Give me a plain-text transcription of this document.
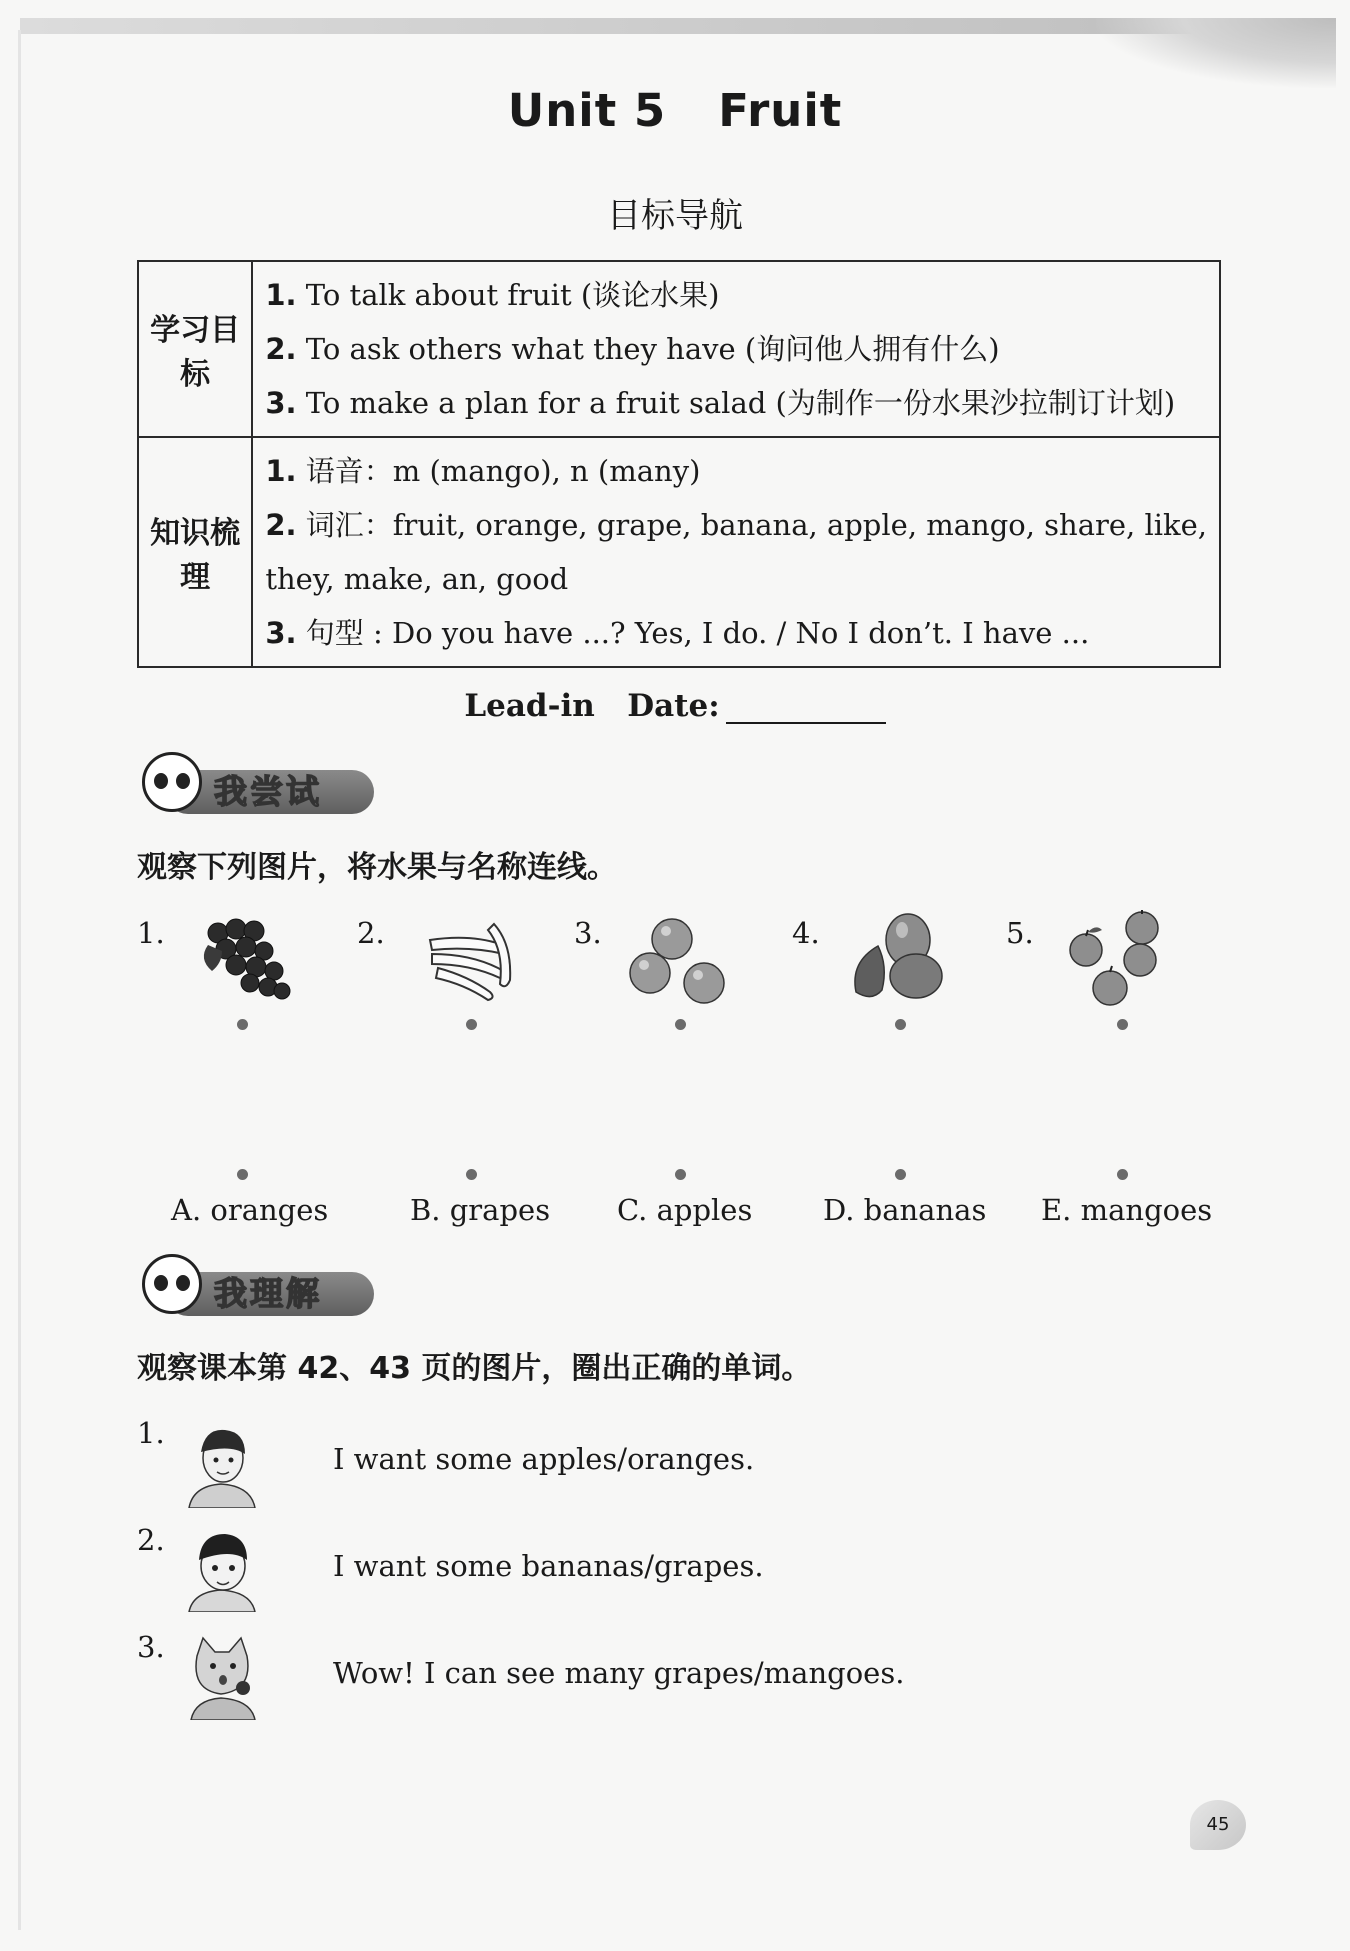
Unit 5 Fruit
目标导航
学习目标	1. To talk about fruit (谈论水果)
2. To ask others what they have (询问他人拥有什么)
3. To make a plan for a fruit salad (为制作一份水果沙拉制订计划)

知识梳理	1. 语音：m (mango), n (many)
2. 词汇：fruit, orange, grape, banana, apple, mango, share, like,
they, make, an, good
3. 句型 : Do you have ...? Yes, I do. / No I don’t. I have ...
Lead-in Date:
我尝试
观察下列图片，将水果与名称连线。
1.	2.	3.	4.	5.
A. oranges	B. grapes C. apples D. bananas E. mangoes
我理解
观察课本第 42、43 页的图片，圈出正确的单词。
1.
I want some apples/oranges.
2.
I want some bananas/grapes.
3.
Wow! I can see many grapes/mangoes.
45
